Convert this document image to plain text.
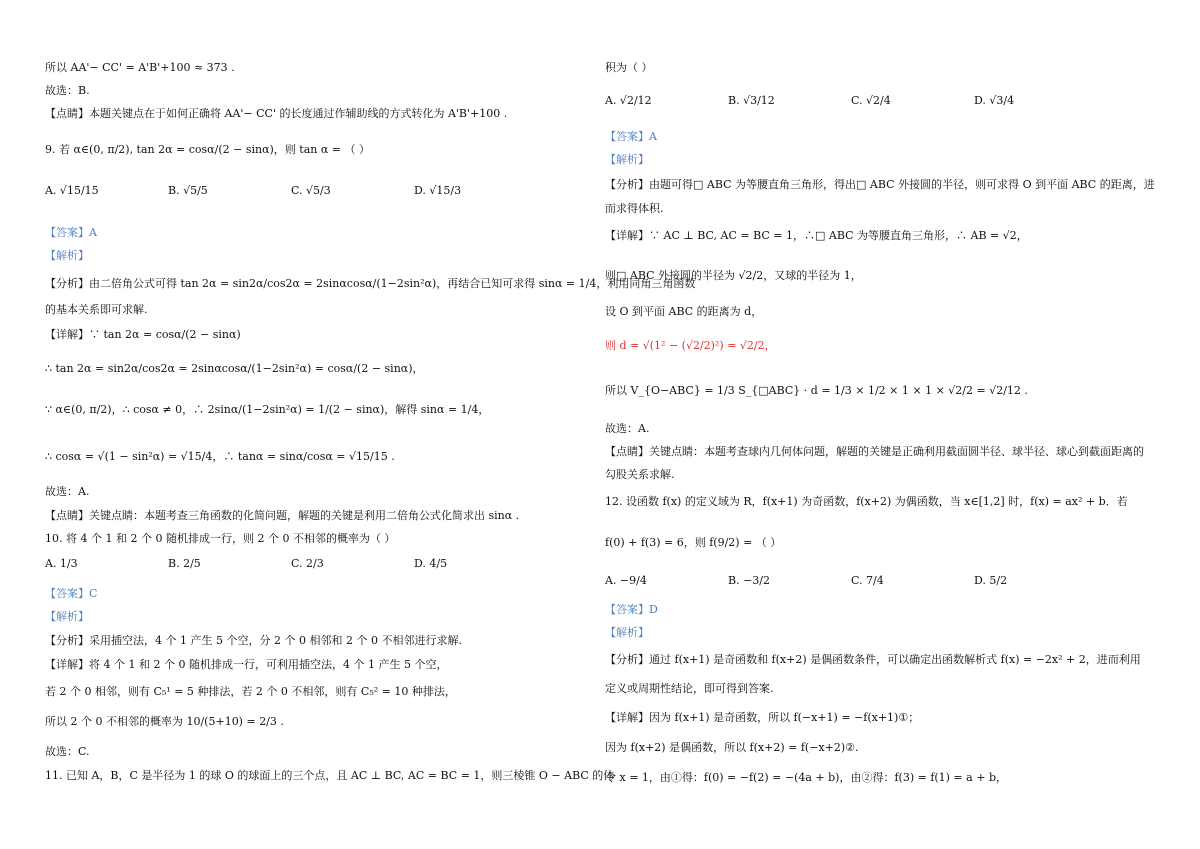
所以 AA'− CC' = A'B'+100 ≈ 373 .
故选：B.
【点睛】本题关键点在于如何正确将 AA'− CC' 的长度通过作辅助线的方式转化为 A'B'+100 .
9. 若 α∈(0, π/2), tan 2α = cosα/(2 − sinα)，则 tan α = （ ）
A. √15/15	B. √5/5	C. √5/3	D. √15/3
【答案】A
【解析】
【分析】由二倍角公式可得 tan 2α = sin2α/cos2α = 2sinαcosα/(1−2sin²α)，再结合已知可求得 sinα = 1/4，利用同角三角函数
的基本关系即可求解.
【详解】∵ tan 2α = cosα/(2 − sinα)
∴ tan 2α = sin2α/cos2α = 2sinαcosα/(1−2sin²α) = cosα/(2 − sinα)，
∵ α∈(0, π/2)，∴ cosα ≠ 0，∴ 2sinα/(1−2sin²α) = 1/(2 − sinα)，解得 sinα = 1/4，
∴ cosα = √(1 − sin²α) = √15/4，∴ tanα = sinα/cosα = √15/15 .
故选：A.
【点睛】关键点睛：本题考查三角函数的化简问题，解题的关键是利用二倍角公式化简求出 sinα .
10. 将 4 个 1 和 2 个 0 随机排成一行，则 2 个 0 不相邻的概率为（ ）
A. 1/3	B. 2/5	C. 2/3	D. 4/5
【答案】C
【解析】
【分析】采用插空法，4 个 1 产生 5 个空，分 2 个 0 相邻和 2 个 0 不相邻进行求解.
【详解】将 4 个 1 和 2 个 0 随机排成一行，可利用插空法，4 个 1 产生 5 个空，
若 2 个 0 相邻，则有 C₅¹ = 5 种排法，若 2 个 0 不相邻，则有 C₅² = 10 种排法，
所以 2 个 0 不相邻的概率为 10/(5+10) = 2/3 .
故选：C.
11. 已知 A，B，C 是半径为 1 的球 O 的球面上的三个点，且 AC ⊥ BC, AC = BC = 1，则三棱锥 O − ABC 的体
积为（ ）
A. √2/12	B. √3/12	C. √2/4	D. √3/4
【答案】A
【解析】
【分析】由题可得□ ABC 为等腰直角三角形，得出□ ABC 外接圆的半径，则可求得 O 到平面 ABC 的距离，进
而求得体积.
【详解】∵ AC ⊥ BC, AC = BC = 1，∴□ ABC 为等腰直角三角形，∴ AB = √2，
则□ ABC 外接圆的半径为 √2/2，又球的半径为 1，
设 O 到平面 ABC 的距离为 d，
则 d = √(1² − (√2/2)²) = √2/2，
所以 V_{O−ABC} = 1/3 S_{□ABC} · d = 1/3 × 1/2 × 1 × 1 × √2/2 = √2/12 .
故选：A.
【点睛】关键点睛：本题考查球内几何体问题，解题的关键是正确利用截面圆半径、球半径、球心到截面距离的
勾股关系求解.
12. 设函数 f(x) 的定义域为 R，f(x+1) 为奇函数，f(x+2) 为偶函数，当 x∈[1,2] 时，f(x) = ax² + b．若
f(0) + f(3) = 6，则 f(9/2) = （ ）
A. −9/4	B. −3/2	C. 7/4	D. 5/2
【答案】D
【解析】
【分析】通过 f(x+1) 是奇函数和 f(x+2) 是偶函数条件，可以确定出函数解析式 f(x) = −2x² + 2，进而利用
定义或周期性结论，即可得到答案.
【详解】因为 f(x+1) 是奇函数，所以 f(−x+1) = −f(x+1)①；
因为 f(x+2) 是偶函数，所以 f(x+2) = f(−x+2)②.
令 x = 1，由①得：f(0) = −f(2) = −(4a + b)，由②得：f(3) = f(1) = a + b，
